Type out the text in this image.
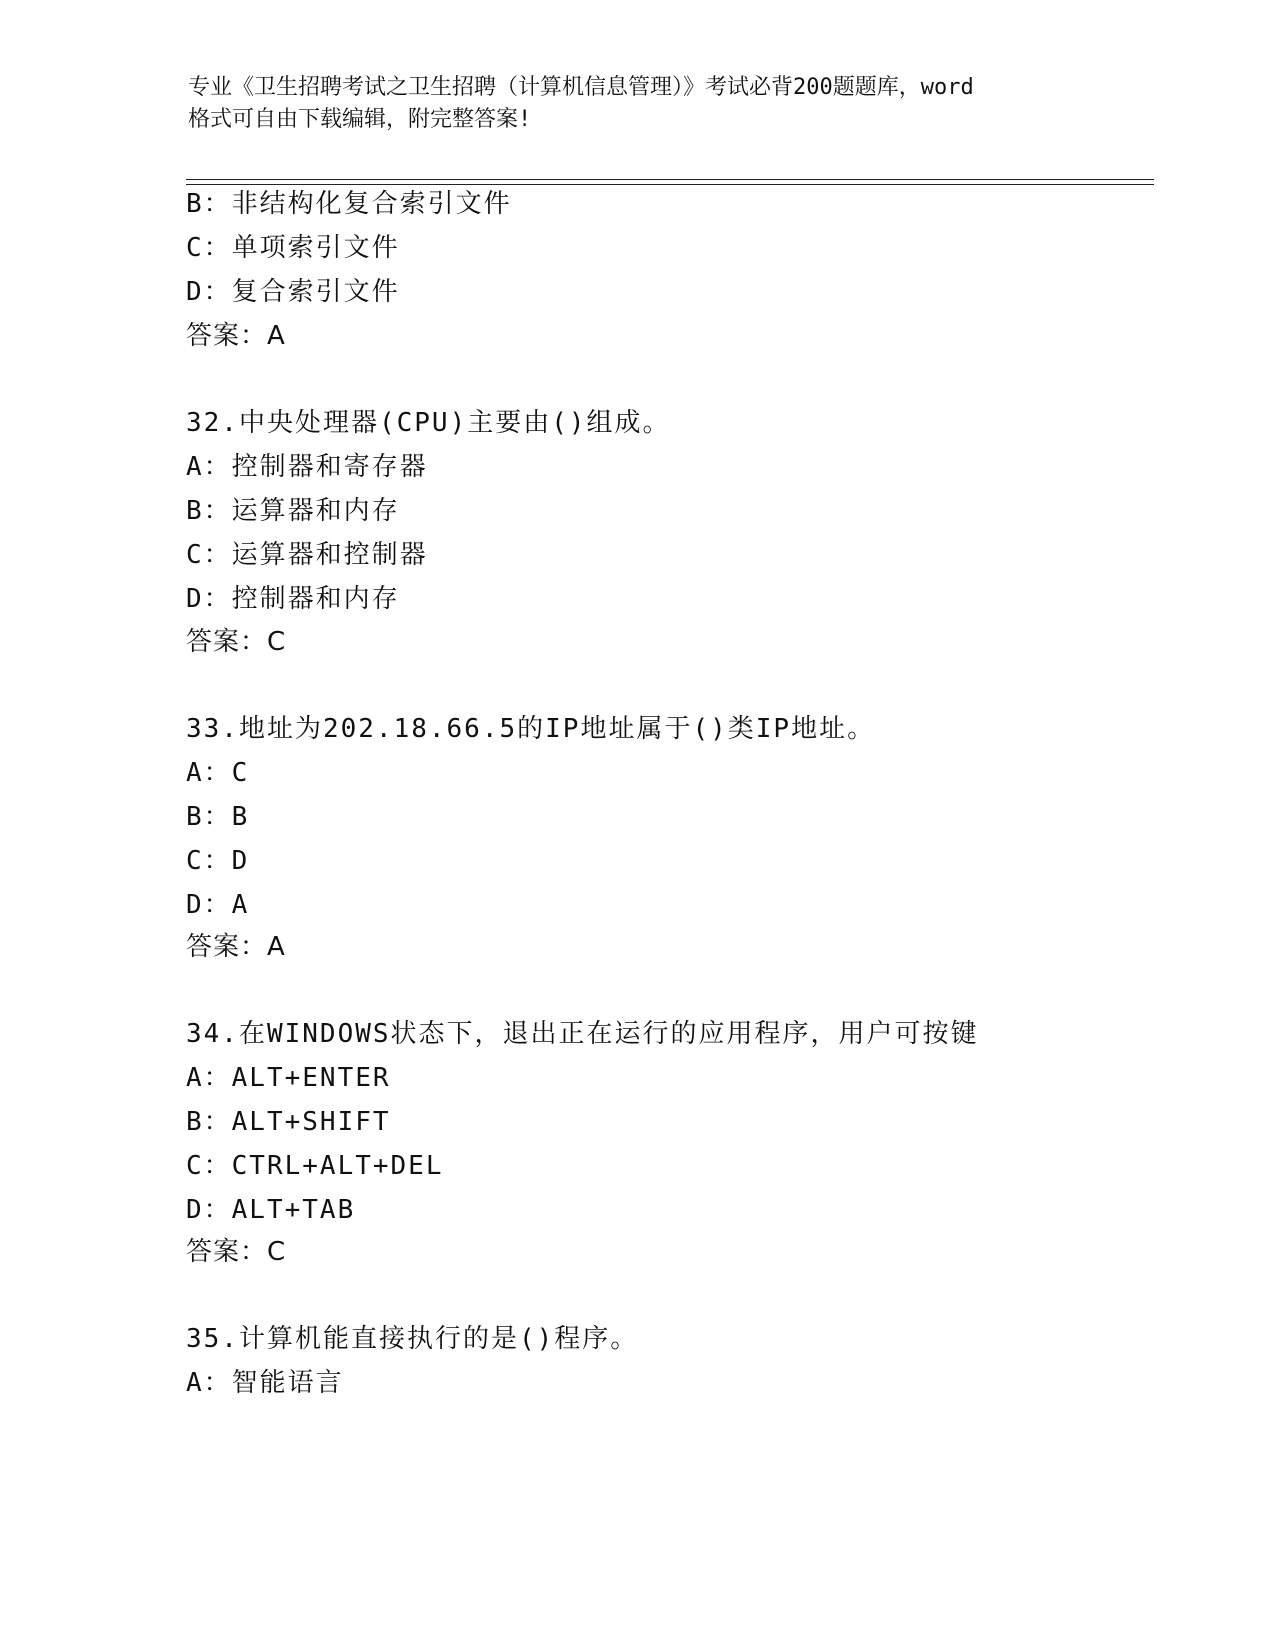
专业《卫生招聘考试之卫生招聘（计算机信息管理）》考试必背200题题库，word
格式可自由下载编辑，附完整答案!
B：非结构化复合索引文件
C：单项索引文件
D：复合索引文件
答案：A
32.中央处理器(CPU)主要由()组成。
A：控制器和寄存器
B：运算器和内存
C：运算器和控制器
D：控制器和内存
答案：C
33.地址为202.18.66.5的IP地址属于()类IP地址。
A：C
B：B
C：D
D：A
答案：A
34.在WINDOWS状态下，退出正在运行的应用程序，用户可按键
A：ALT+ENTER
B：ALT+SHIFT
C：CTRL+ALT+DEL
D：ALT+TAB
答案：C
35.计算机能直接执行的是()程序。
A：智能语言
